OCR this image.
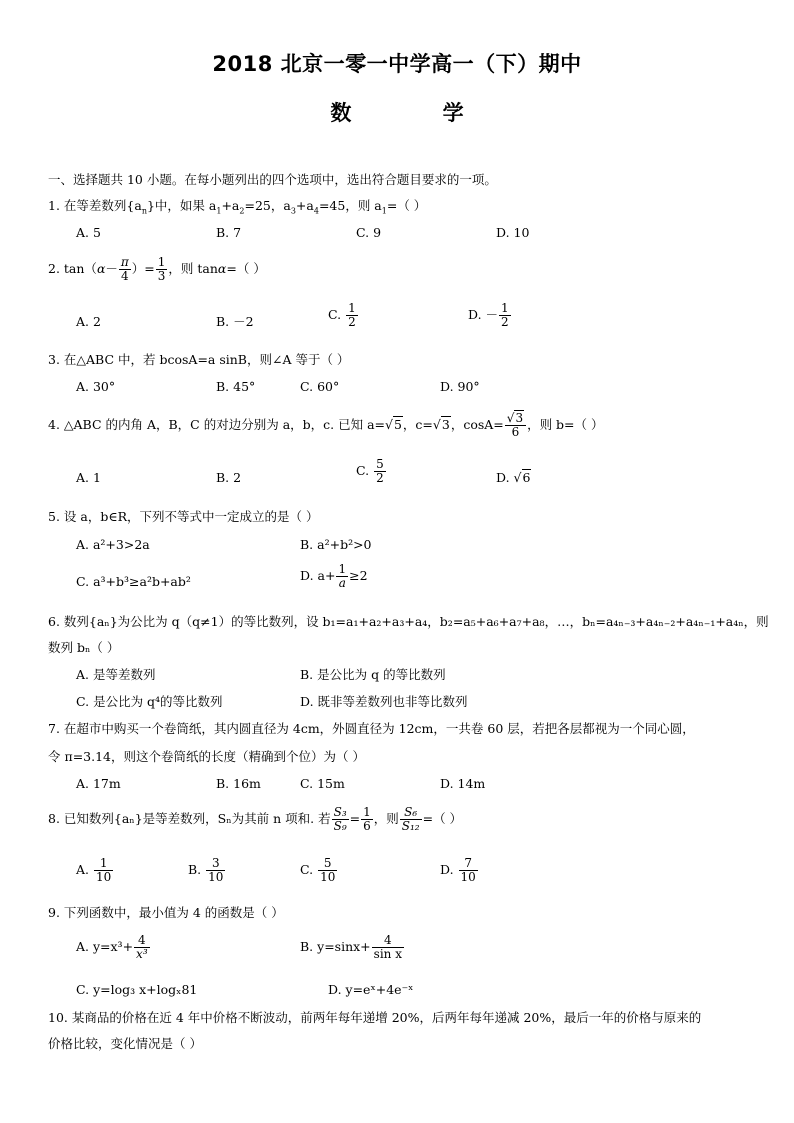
2018 北京一零一中学高一（下）期中
数 学
一、选择题共 10 小题。在每小题列出的四个选项中，选出符合题目要求的一项。
1. 在等差数列$\{a_n\}$中，如果 $a_1+a_2=25$，$a_3+a_4=45$，则 $a_1=$（ ）
A. 5	B. 7	C. 9	D. 10
2. $\tan(\alpha- \frac{\pi}{4}$ ）= $\frac{1}{3}$ ，则 tanα=（ ）
A. 2	B. －2	C. $\frac{1}{2}$	D. － $\frac{1}{2}$
3. 在△ABC 中，若 bcosA=a sinB，则∠A 等于（ ）
A. 30°	B. 45°	C. 60°	D. 90°
4. △ABC 的内角 A，B，C 的对边分别为 a，b，c. 已知 a=√5，c=√3，$\cos A= \frac{√3}{6}$ ，则 b=（ ）
A. 1	B. 2	C. $\frac{5}{2}$	D. √6
5. 设 a，b∈R，下列不等式中一定成立的是（ ）
A. a²+3>2a	B. a²+b²>0
C. a³+b³≥a²b+ab²	D. $a+ \frac{1}{a} \ge 2$
6. 数列{aₙ}为公比为 q（q≠1）的等比数列，设 b₁=a₁+a₂+a₃+a₄，b₂=a₅+a₆+a₇+a₈，…，bₙ=a₄ₙ₋₃+a₄ₙ₋₂+a₄ₙ₋₁+a₄ₙ，则
数列 bₙ（ ）
A. 是等差数列	B. 是公比为 q 的等比数列
C. 是公比为 q⁴的等比数列	D. 既非等差数列也非等比数列
7. 在超市中购买一个卷筒纸，其内圆直径为 4cm，外圆直径为 12cm，一共卷 60 层，若把各层都视为一个同心圆，
令 π=3.14，则这个卷筒纸的长度（精确到个位）为（ ）
A. 17m	B. 16m	C. 15m	D. 14m
8. 已知数列{aₙ}是等差数列，Sₙ为其前 n 项和. 若 $\frac{\text{S₃}}{\text{S₉}} = \frac{1}{6}$ ，则 $\frac{\text{S₆}}{\text{S₁₂}}$ =（ ）
A. $\frac{1}{10}$	B. $\frac{3}{10}$	C. $\frac{5}{10}$	D. $\frac{7}{10}$
9. 下列函数中，最小值为 4 的函数是（ ）
A. $y=x^3+ \frac{4}{\text{x³}}$	B. $y=\sin x+ \frac{4}{\text{sin x}}$
C. y=log₃ x+logₓ81	D. y=eˣ+4e⁻ˣ
10. 某商品的价格在近 4 年中价格不断波动，前两年每年递增 20%，后两年每年递减 20%，最后一年的价格与原来的
价格比较，变化情况是（ ）
